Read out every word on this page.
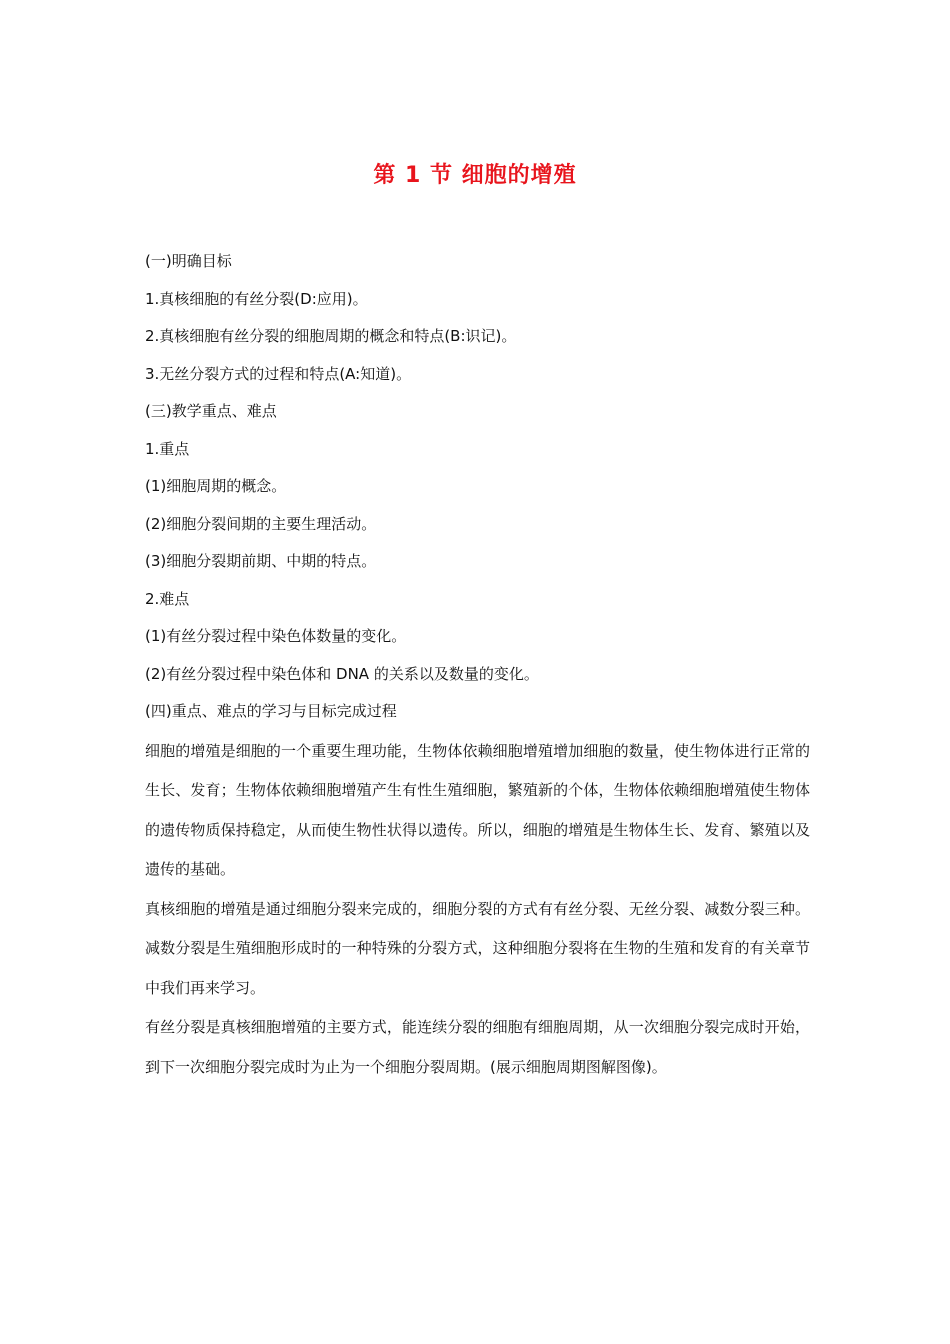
第 1 节 细胞的增殖
(一)明确目标
1.真核细胞的有丝分裂(D:应用)。
2.真核细胞有丝分裂的细胞周期的概念和特点(B:识记)。
3.无丝分裂方式的过程和特点(A:知道)。
(三)教学重点、难点
1.重点
(1)细胞周期的概念。
(2)细胞分裂间期的主要生理活动。
(3)细胞分裂期前期、中期的特点。
2.难点
(1)有丝分裂过程中染色体数量的变化。
(2)有丝分裂过程中染色体和 DNA 的关系以及数量的变化。
(四)重点、难点的学习与目标完成过程

细胞的增殖是细胞的一个重要生理功能，生物体依赖细胞增殖增加细胞的数量，使生物体进行正常的生长、发育；生物体依赖细胞增殖产生有性生殖细胞，繁殖新的个体，生物体依赖细胞增殖使生物体的遗传物质保持稳定，从而使生物性状得以遗传。所以，细胞的增殖是生物体生长、发育、繁殖以及遗传的基础。

真核细胞的增殖是通过细胞分裂来完成的，细胞分裂的方式有有丝分裂、无丝分裂、减数分裂三种。减数分裂是生殖细胞形成时的一种特殊的分裂方式，这种细胞分裂将在生物的生殖和发育的有关章节中我们再来学习。

有丝分裂是真核细胞增殖的主要方式，能连续分裂的细胞有细胞周期，从一次细胞分裂完成时开始，到下一次细胞分裂完成时为止为一个细胞分裂周期。(展示细胞周期图解图像)。
